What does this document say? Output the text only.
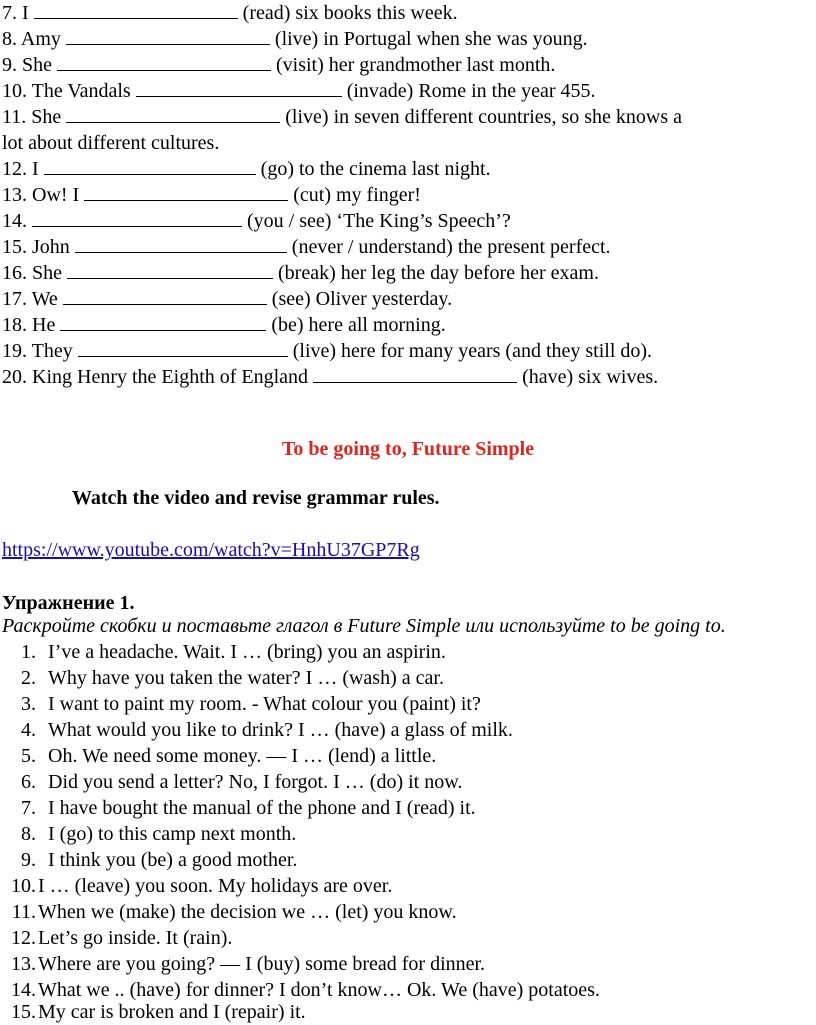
7. I	(read) six books this week.
8. Amy	(live) in Portugal when she was young.
9. She	(visit) her grandmother last month.
10. The Vandals	(invade) Rome in the year 455.
11. She	(live) in seven different countries, so she knows a
lot about different cultures.
12. I	(go) to the cinema last night.
13. Ow! I	(cut) my finger!
14.	(you / see) ‘The King’s Speech’?
15. John	(never / understand) the present perfect.
16. She	(break) her leg the day before her exam.
17. We	(see) Oliver yesterday.
18. He	(be) here all morning.
19. They	(live) here for many years (and they still do).
20. King Henry the Eighth of England	(have) six wives.
To be going to, Future Simple
Watch the video and revise grammar rules.
https://www.youtube.com/watch?v=HnhU37GP7Rg
Упражнение 1.
Раскройте скобки и поставьте глагол в Future Simple или используйте to be going to.
1. I’ve a headache. Wait. I … (bring) you an aspirin.
2. Why have you taken the water? I … (wash) a car.
3. I want to paint my room. - What colour you (paint) it?
4. What would you like to drink? I … (have) a glass of milk.
5. Oh. We need some money. — I … (lend) a little.
6. Did you send a letter? No, I forgot. I … (do) it now.
7. I have bought the manual of the phone and I (read) it.
8. I (go) to this camp next month.
9. I think you (be) a good mother.
10. I … (leave) you soon. My holidays are over.
11. When we (make) the decision we … (let) you know.
12. Let’s go inside. It (rain).
13. Where are you going? — I (buy) some bread for dinner.
14. What we .. (have) for dinner? I don’t know… Ok. We (have) potatoes.
15. My car is broken and I (repair) it.
